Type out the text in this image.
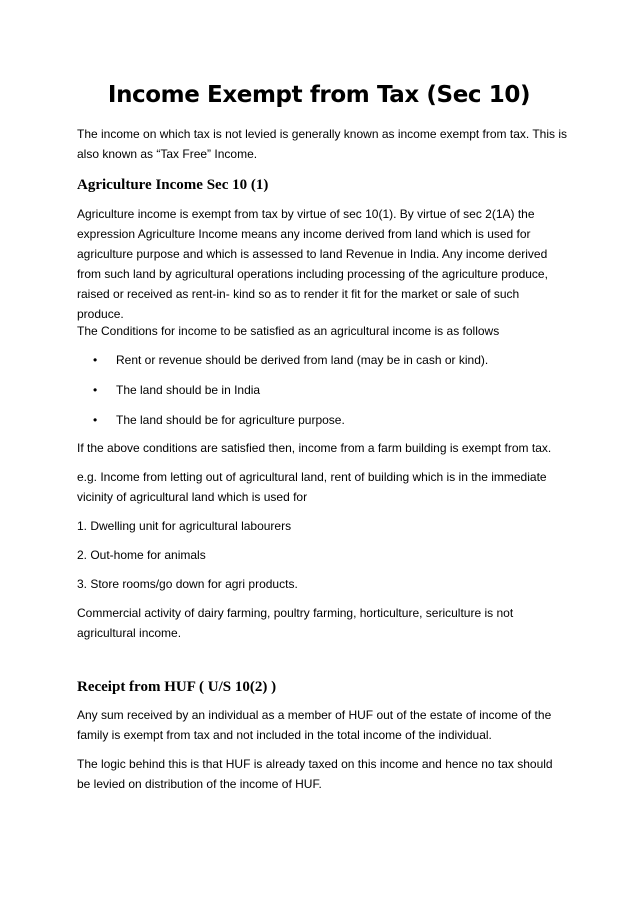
Income Exempt from Tax (Sec 10)

The income on which tax is not levied is generally known as income exempt from tax. This is also known as “Tax Free” Income.

Agriculture Income Sec 10 (1)

Agriculture income is exempt from tax by virtue of sec 10(1). By virtue of sec 2(1A) the expression Agriculture Income means any income derived from land which is used for agriculture purpose and which is assessed to land Revenue in India. Any income derived from such land by agricultural operations including processing of the agriculture produce, raised or received as rent-in- kind so as to render it fit for the market or sale of such produce.

The Conditions for income to be satisfied as an agricultural income is as follows

• Rent or revenue should be derived from land (may be in cash or kind).
• The land should be in India
• The land should be for agriculture purpose.

If the above conditions are satisfied then, income from a farm building is exempt from tax.

e.g. Income from letting out of agricultural land, rent of building which is in the immediate vicinity of agricultural land which is used for

1. Dwelling unit for agricultural labourers

2. Out-home for animals

3. Store rooms/go down for agri products.

Commercial activity of dairy farming, poultry farming, horticulture, sericulture is not agricultural income.

Receipt from HUF ( U/S 10(2) )

Any sum received by an individual as a member of HUF out of the estate of income of the family is exempt from tax and not included in the total income of the individual.

The logic behind this is that HUF is already taxed on this income and hence no tax should be levied on distribution of the income of HUF.
